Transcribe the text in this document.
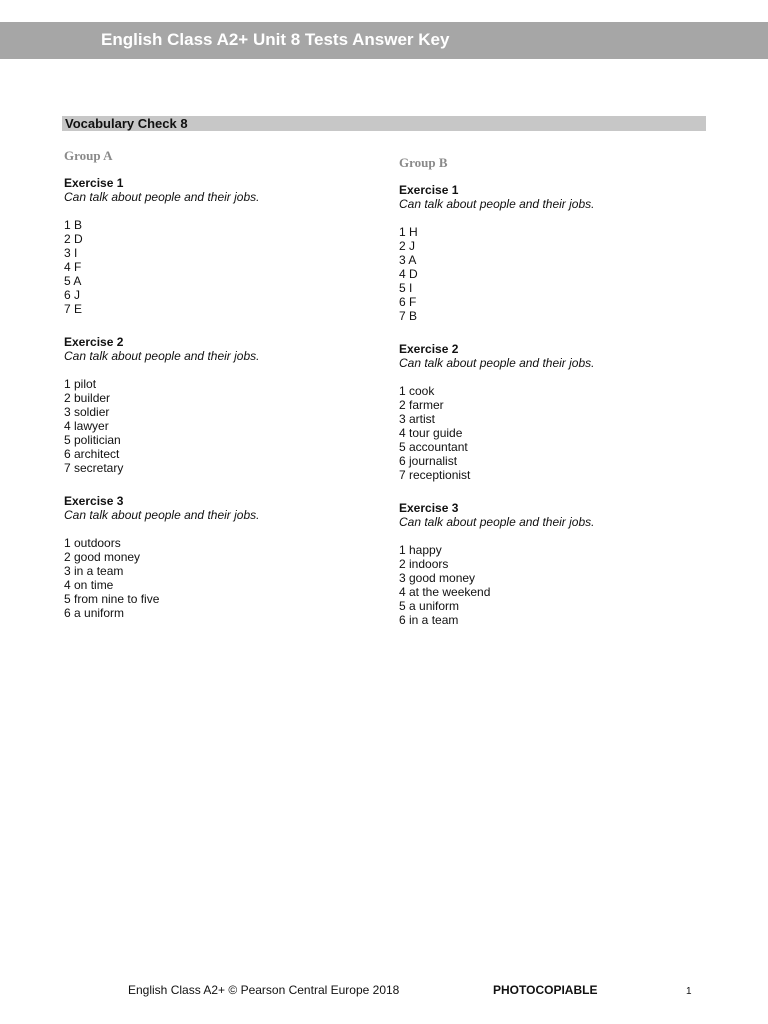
English Class A2+ Unit 8 Tests Answer Key
Vocabulary Check 8
Group A
Exercise 1
Can talk about people and their jobs.
1 B
2 D
3 I
4 F
5 A
6 J
7 E
Exercise 2
Can talk about people and their jobs.
1 pilot
2 builder
3 soldier
4 lawyer
5 politician
6 architect
7 secretary
Exercise 3
Can talk about people and their jobs.
1 outdoors
2 good money
3 in a team
4 on time
5 from nine to five
6 a uniform
Group B
Exercise 1
Can talk about people and their jobs.
1 H
2 J
3 A
4 D
5 I
6 F
7 B
Exercise 2
Can talk about people and their jobs.
1 cook
2 farmer
3 artist
4 tour guide
5 accountant
6 journalist
7 receptionist
Exercise 3
Can talk about people and their jobs.
1 happy
2 indoors
3 good money
4 at the weekend
5 a uniform
6 in a team
English Class A2+ © Pearson Central Europe 2018	PHOTOCOPIABLE	1
